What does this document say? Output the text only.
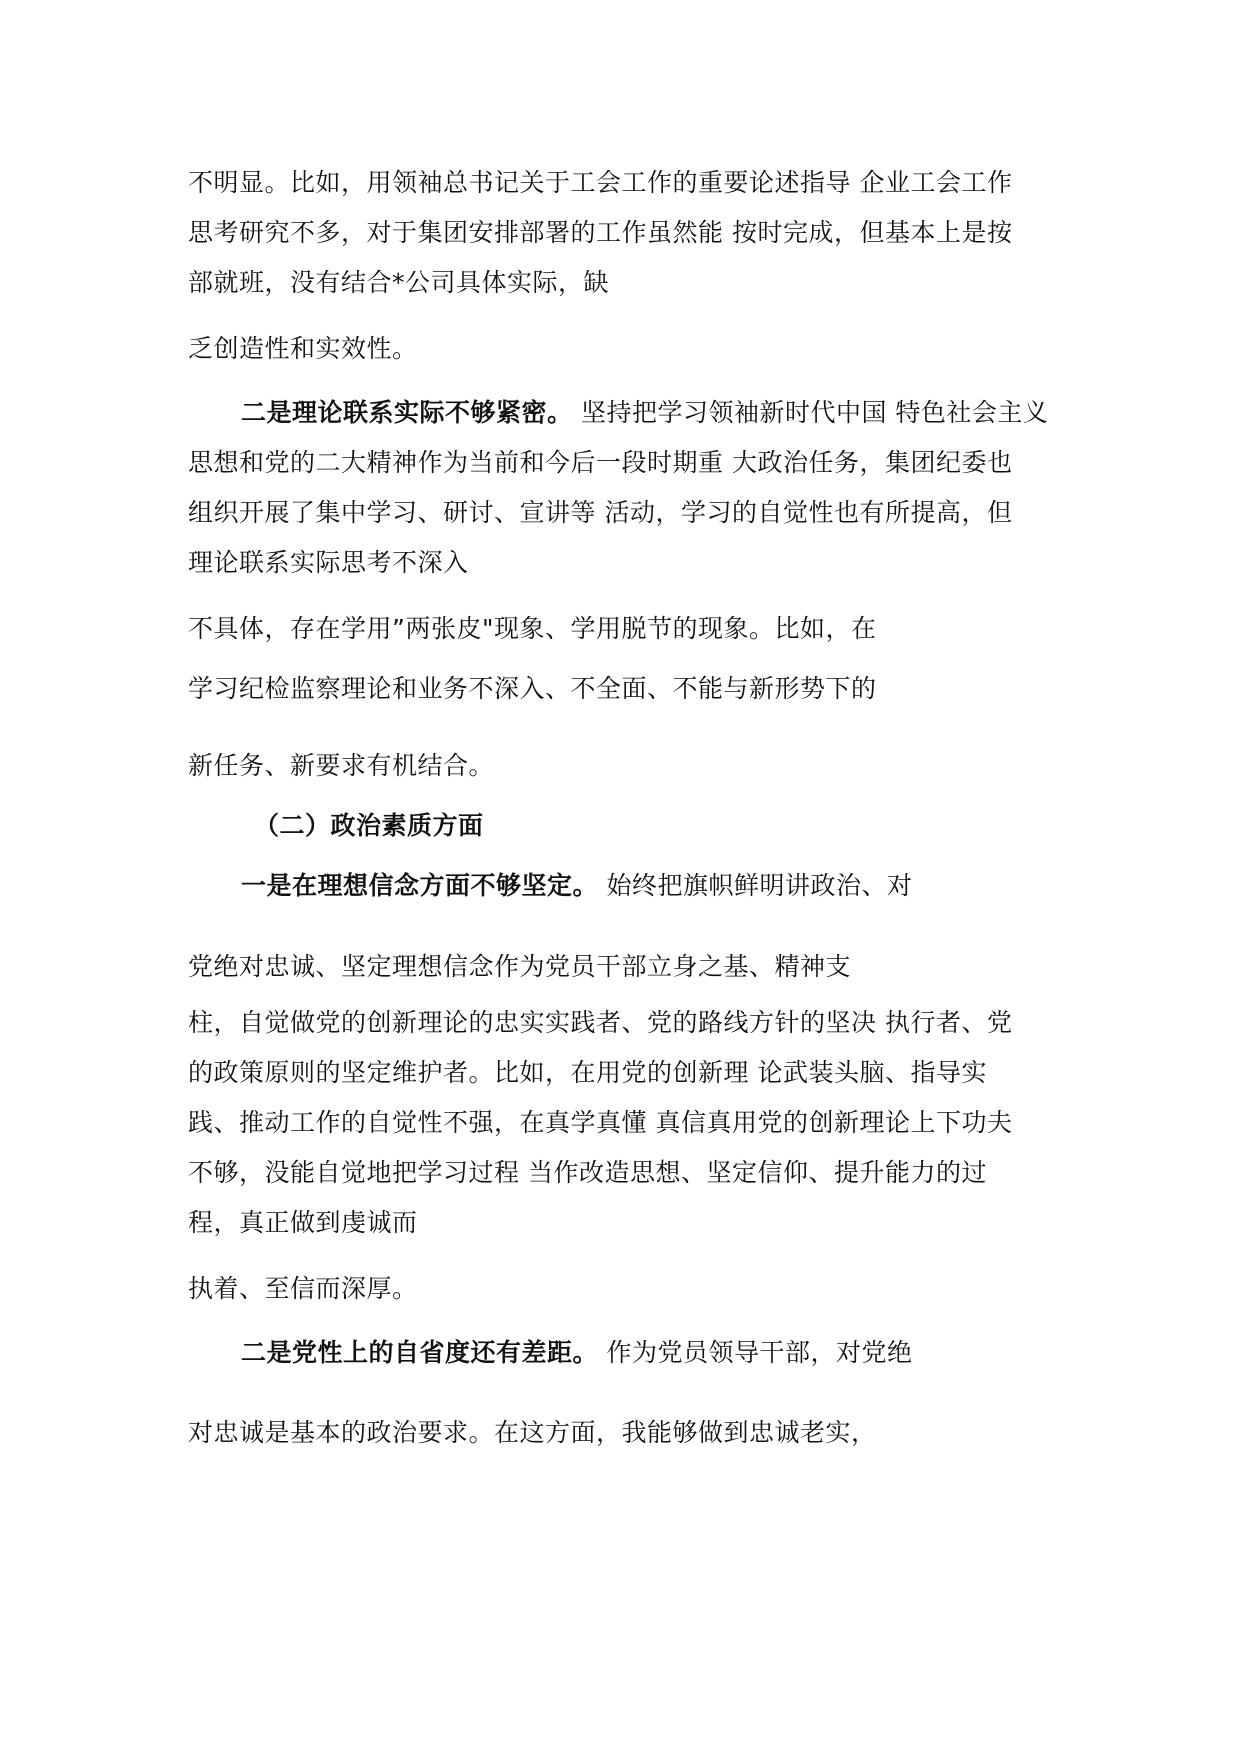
不明显。比如，用领袖总书记关于工会工作的重要论述指导 企业工会工作
思考研究不多，对于集团安排部署的工作虽然能 按时完成，但基本上是按
部就班，没有结合*公司具体实际，缺
乏创造性和实效性。
二是理论联系实际不够紧密。 坚持把学习领袖新时代中国 特色社会主义
思想和党的二大精神作为当前和今后一段时期重 大政治任务，集团纪委也
组织开展了集中学习、研讨、宣讲等 活动，学习的自觉性也有所提高，但
理论联系实际思考不深入
不具体，存在学用”两张皮"现象、学用脱节的现象。比如，在
学习纪检监察理论和业务不深入、不全面、不能与新形势下的
新任务、新要求有机结合。
（二）政治素质方面
一是在理想信念方面不够坚定。 始终把旗帜鲜明讲政治、对
党绝对忠诚、坚定理想信念作为党员干部立身之基、精神支
柱，自觉做党的创新理论的忠实实践者、党的路线方针的坚决 执行者、党
的政策原则的坚定维护者。比如，在用党的创新理 论武装头脑、指导实
践、推动工作的自觉性不强，在真学真懂 真信真用党的创新理论上下功夫
不够，没能自觉地把学习过程 当作改造思想、坚定信仰、提升能力的过
程，真正做到虔诚而
执着、至信而深厚。
二是党性上的自省度还有差距。 作为党员领导干部，对党绝
对忠诚是基本的政治要求。在这方面，我能够做到忠诚老实，
